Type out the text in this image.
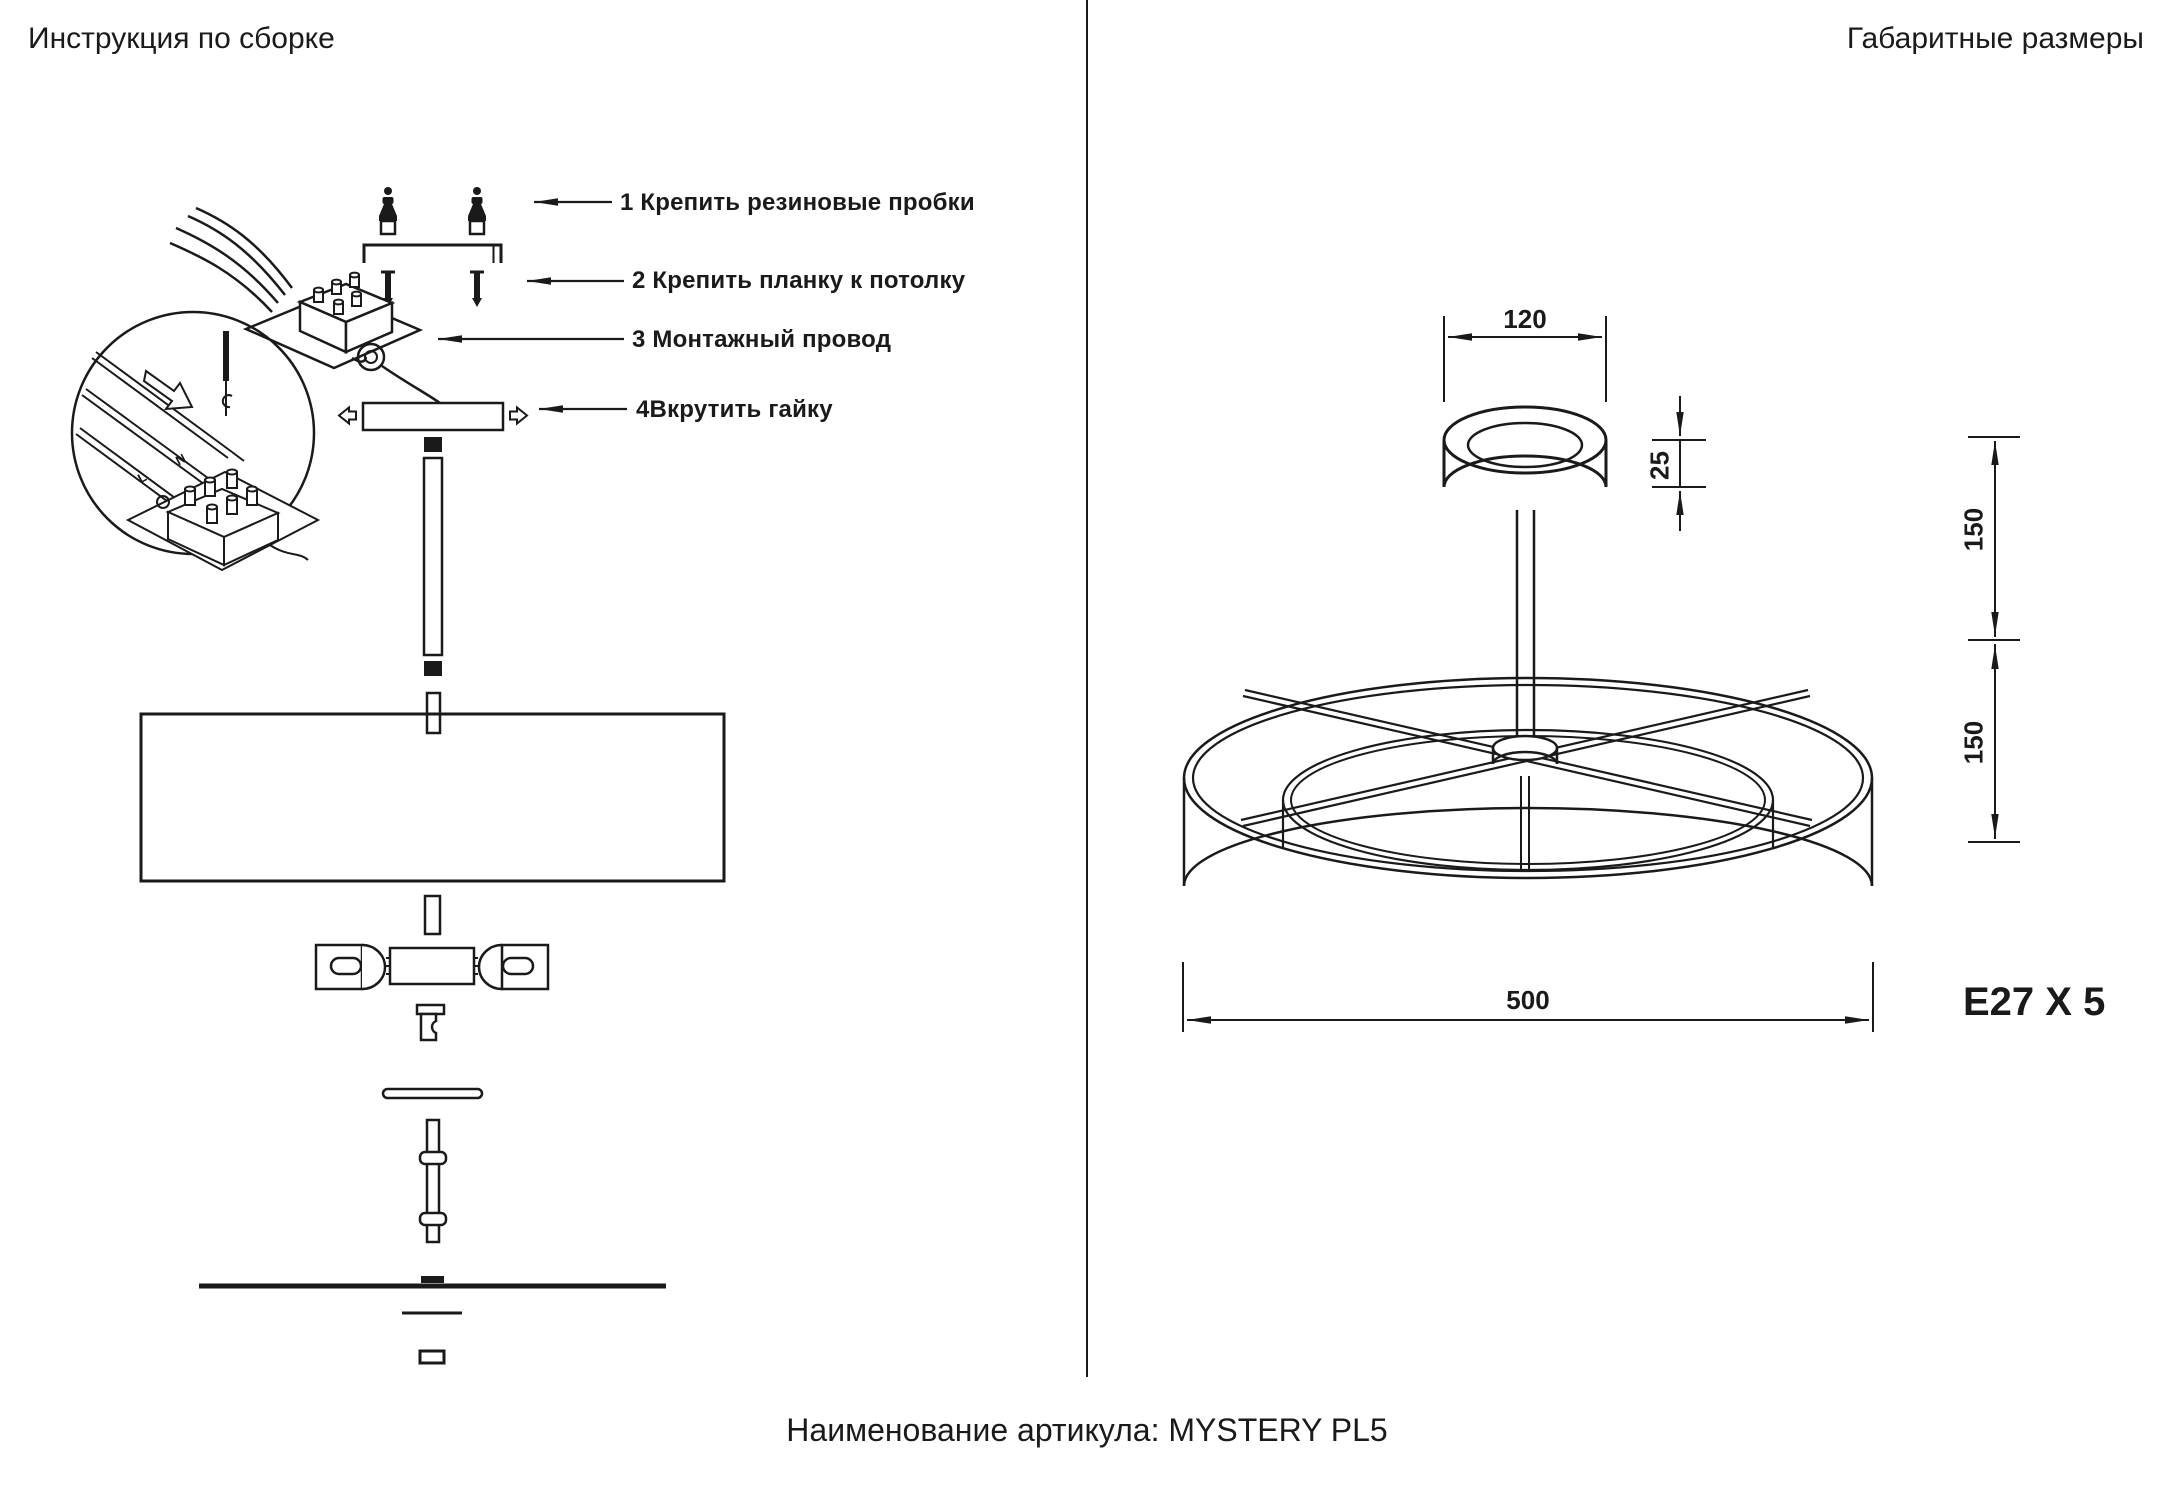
Инструкция по сборке	Габаритные размеры
1 Крепить резиновые пробки
2 Крепить планку к потолку
3 Монтажный провод
4Вкрутить гайку
L
N
120
25
150
150
500	E27 X 5
Наименование артикула: MYSTERY PL5
